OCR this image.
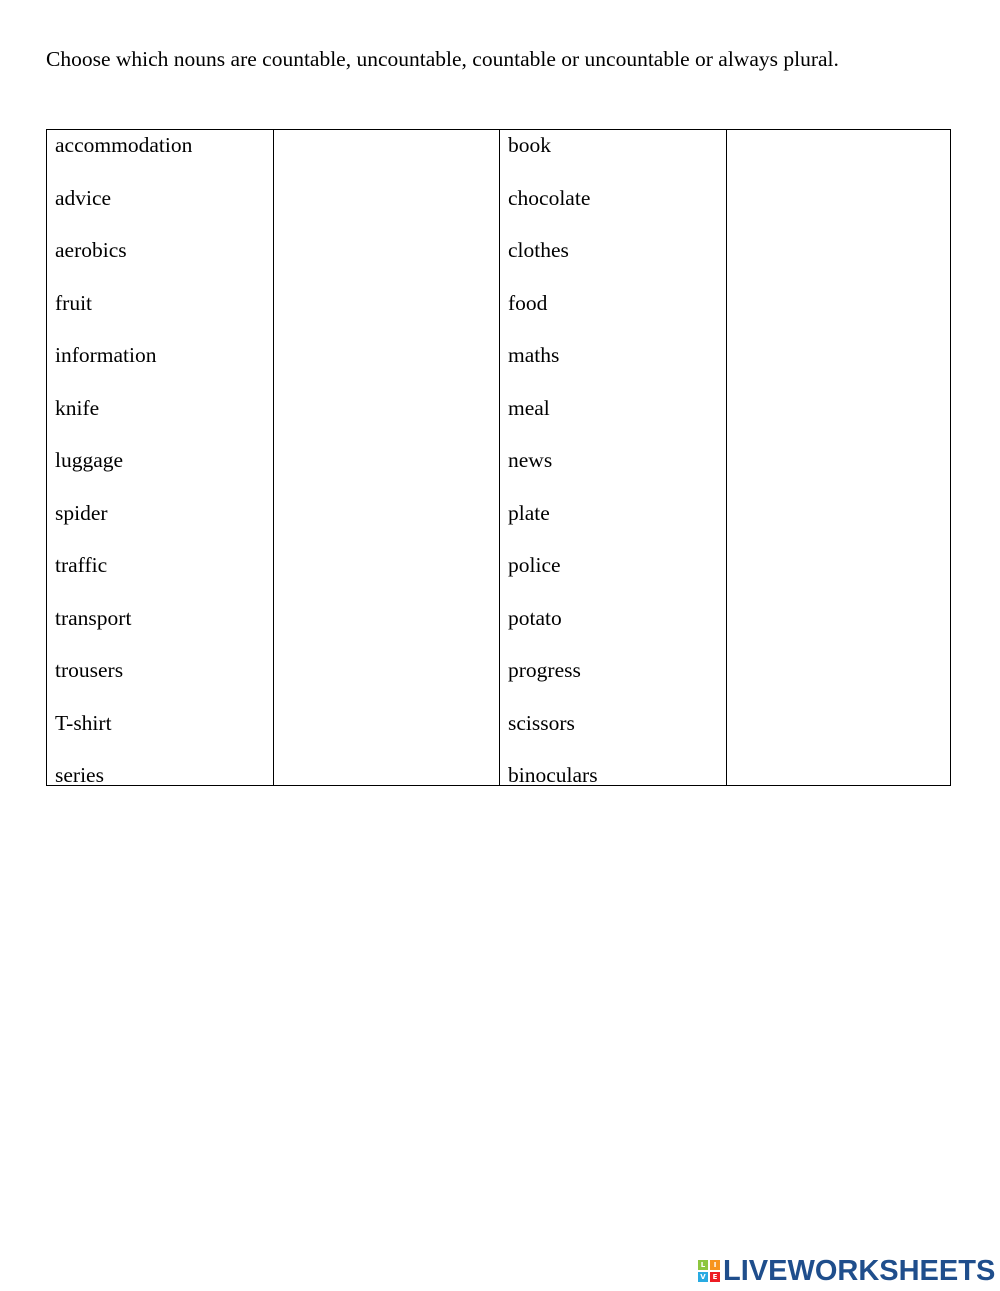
Choose which nouns are countable, uncountable, countable or uncountable or always plural.
accommodation
advice
aerobics
fruit
information
knife
luggage
spider
traffic
transport
trousers
T-shirt
series
book
chocolate
clothes
food
maths
meal
news
plate
police
potato
progress
scissors
binoculars
L	I
V E LIVEWORKSHEETS
